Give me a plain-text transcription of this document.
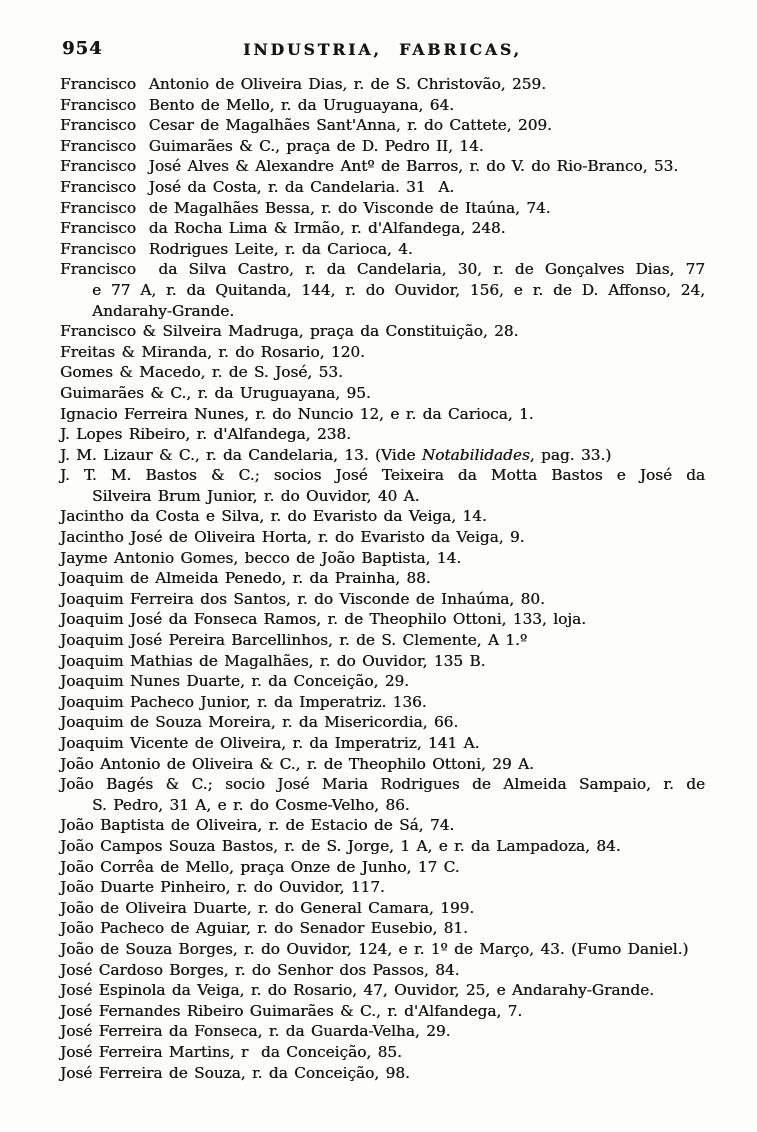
954	INDUSTRIA, FABRICAS,
Francisco  Antonio de Oliveira Dias, r. de S. Christovão, 259.
Francisco  Bento de Mello, r. da Uruguayana, 64.
Francisco  Cesar de Magalhães Sant'Anna, r. do Cattete, 209.
Francisco  Guimarães & C., praça de D. Pedro II, 14.
Francisco  José Alves & Alexandre Antº de Barros, r. do V. do Rio-Branco, 53.
Francisco  José da Costa, r. da Candelaria. 31  A.
Francisco  de Magalhães Bessa, r. do Visconde de Itaúna, 74.
Francisco  da Rocha Lima & Irmão, r. d'Alfandega, 248.
Francisco  Rodrigues Leite, r. da Carioca, 4.
Francisco  da Silva Castro, r. da Candelaria, 30, r. de Gonçalves Dias, 77
e 77 A, r. da Quitanda, 144, r. do Ouvidor, 156, e r. de D. Affonso, 24,
Andarahy-Grande.
Francisco & Silveira Madruga, praça da Constituição, 28.
Freitas & Miranda, r. do Rosario, 120.
Gomes & Macedo, r. de S. José, 53.
Guimarães & C., r. da Uruguayana, 95.
Ignacio Ferreira Nunes, r. do Nuncio 12, e r. da Carioca, 1.
J. Lopes Ribeiro, r. d'Alfandega, 238.
J. M. Lizaur & C., r. da Candelaria, 13. (Vide Notabilidades, pag. 33.)
J. T. M. Bastos & C.; socios José Teixeira da Motta Bastos e José da
Silveira Brum Junior, r. do Ouvidor, 40 A.
Jacintho da Costa e Silva, r. do Evaristo da Veiga, 14.
Jacintho José de Oliveira Horta, r. do Evaristo da Veiga, 9.
Jayme Antonio Gomes, becco de João Baptista, 14.
Joaquim de Almeida Penedo, r. da Prainha, 88.
Joaquim Ferreira dos Santos, r. do Visconde de Inhaúma, 80.
Joaquim José da Fonseca Ramos, r. de Theophilo Ottoni, 133, loja.
Joaquim José Pereira Barcellinhos, r. de S. Clemente, A 1.º
Joaquim Mathias de Magalhães, r. do Ouvidor, 135 B.
Joaquim Nunes Duarte, r. da Conceição, 29.
Joaquim Pacheco Junior, r. da Imperatriz. 136.
Joaquim de Souza Moreira, r. da Misericordia, 66.
Joaquim Vicente de Oliveira, r. da Imperatriz, 141 A.
João Antonio de Oliveira & C., r. de Theophilo Ottoni, 29 A.
João Bagés & C.; socio José Maria Rodrigues de Almeida Sampaio, r. de
S. Pedro, 31 A, e r. do Cosme-Velho, 86.
João Baptista de Oliveira, r. de Estacio de Sá, 74.
João Campos Souza Bastos, r. de S. Jorge, 1 A, e r. da Lampadoza, 84.
João Corrêa de Mello, praça Onze de Junho, 17 C.
João Duarte Pinheiro, r. do Ouvidor, 117.
João de Oliveira Duarte, r. do General Camara, 199.
João Pacheco de Aguiar, r. do Senador Eusebio, 81.
João de Souza Borges, r. do Ouvidor, 124, e r. 1º de Março, 43. (Fumo Daniel.)
José Cardoso Borges, r. do Senhor dos Passos, 84.
José Espinola da Veiga, r. do Rosario, 47, Ouvidor, 25, e Andarahy-Grande.
José Fernandes Ribeiro Guimarães & C., r. d'Alfandega, 7.
José Ferreira da Fonseca, r. da Guarda-Velha, 29.
José Ferreira Martins, r  da Conceição, 85.
José Ferreira de Souza, r. da Conceição, 98.
